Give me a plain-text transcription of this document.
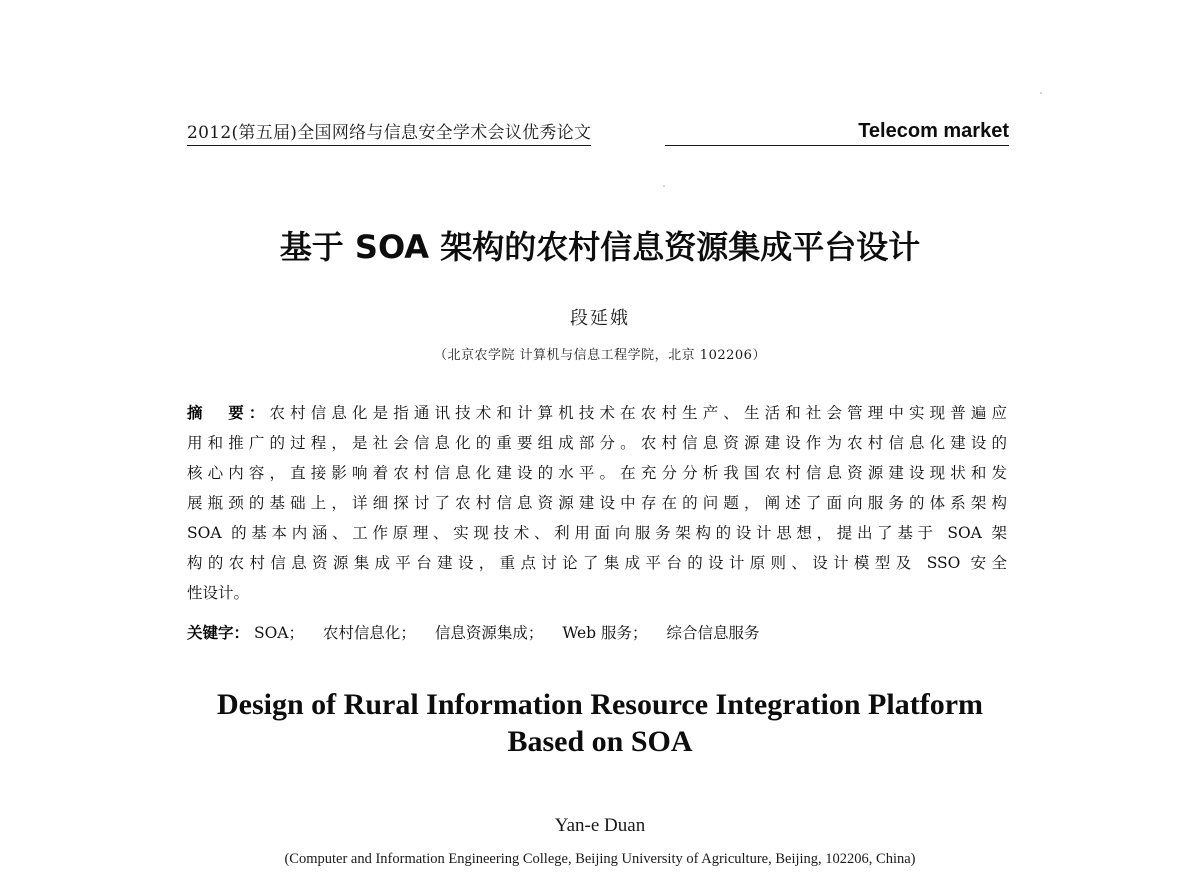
2012(第五届)全国网络与信息安全学术会议优秀论文	Telecom market
基于 SOA 架构的农村信息资源集成平台设计
段延娥
（北京农学院 计算机与信息工程学院，北京 102206）
摘　要：农村信息化是指通讯技术和计算机技术在农村生产、生活和社会管理中实现普遍应
用和推广的过程，是社会信息化的重要组成部分。农村信息资源建设作为农村信息化建设的
核心内容，直接影响着农村信息化建设的水平。在充分分析我国农村信息资源建设现状和发
展瓶颈的基础上，详细探讨了农村信息资源建设中存在的问题，阐述了面向服务的体系架构
SOA 的基本内涵、工作原理、实现技术、利用面向服务架构的设计思想，提出了基于 SOA 架
构的农村信息资源集成平台建设，重点讨论了集成平台的设计原则、设计模型及 SSO 安全
性设计。
关键字： SOA； 农村信息化； 信息资源集成； Web 服务； 综合信息服务
Design of Rural Information Resource Integration Platform
Based on SOA
Yan-e Duan
(Computer and Information Engineering College, Beijing University of Agriculture, Beijing, 102206, China)
